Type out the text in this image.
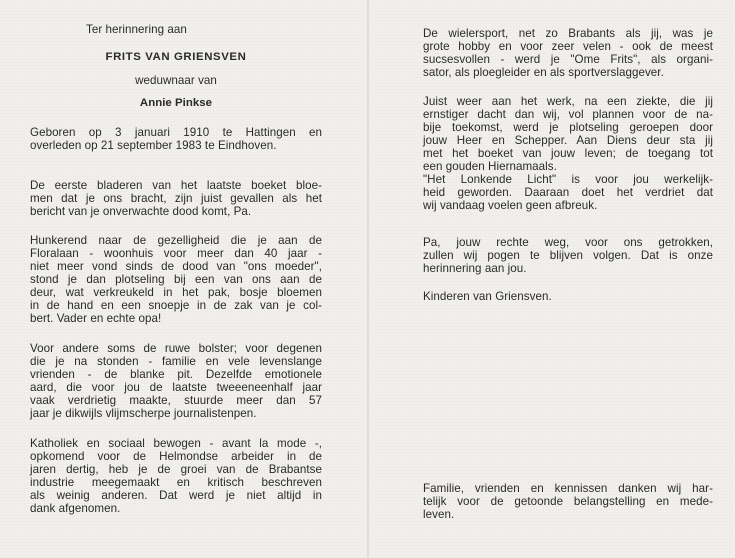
Ter herinnering aan
FRITS VAN GRIENSVEN
weduwnaar van
Annie Pinkse
Geboren op 3 januari 1910 te Hattingen en
overleden op 21 september 1983 te Eindhoven.
De eerste bladeren van het laatste boeket bloe-
men dat je ons bracht, zijn juist gevallen als het
bericht van je onverwachte dood komt, Pa.
Hunkerend naar de gezelligheid die je aan de
Floralaan - woonhuis voor meer dan 40 jaar -
niet meer vond sinds de dood van "ons moeder",
stond je dan plotseling bij een van ons aan de
deur, wat verkreukeld in het pak, bosje bloemen
in de hand en een snoepje in de zak van je col-
bert. Vader en echte opa!
Voor andere soms de ruwe bolster; voor degenen
die je na stonden - familie en vele levenslange
vrienden - de blanke pit. Dezelfde emotionele
aard, die voor jou de laatste tweeeneenhalf jaar
vaak verdrietig maakte, stuurde meer dan 57
jaar je dikwijls vlijmscherpe journalistenpen.
Katholiek en sociaal bewogen - avant la mode -,
opkomend voor de Helmondse arbeider in de
jaren dertig, heb je de groei van de Brabantse
industrie meegemaakt en kritisch beschreven
als weinig anderen. Dat werd je niet altijd in
dank afgenomen.
De wielersport, net zo Brabants als jij, was je
grote hobby en voor zeer velen - ook de meest
sucsesvollen - werd je "Ome Frits", als organi-
sator, als ploegleider en als sportverslaggever.
Juist weer aan het werk, na een ziekte, die jij
ernstiger dacht dan wij, vol plannen voor de na-
bije toekomst, werd je plotseling geroepen door
jouw Heer en Schepper. Aan Diens deur sta jij
met het boeket van jouw leven; de toegang tot
een gouden Hiernamaals.
"Het Lonkende Licht" is voor jou werkelijk-
heid geworden. Daaraan doet het verdriet dat
wij vandaag voelen geen afbreuk.
Pa, jouw rechte weg, voor ons getrokken,
zullen wij pogen te blijven volgen. Dat is onze
herinnering aan jou.
Kinderen van Griensven.
Familie, vrienden en kennissen danken wij har-
telijk voor de getoonde belangstelling en mede-
leven.
